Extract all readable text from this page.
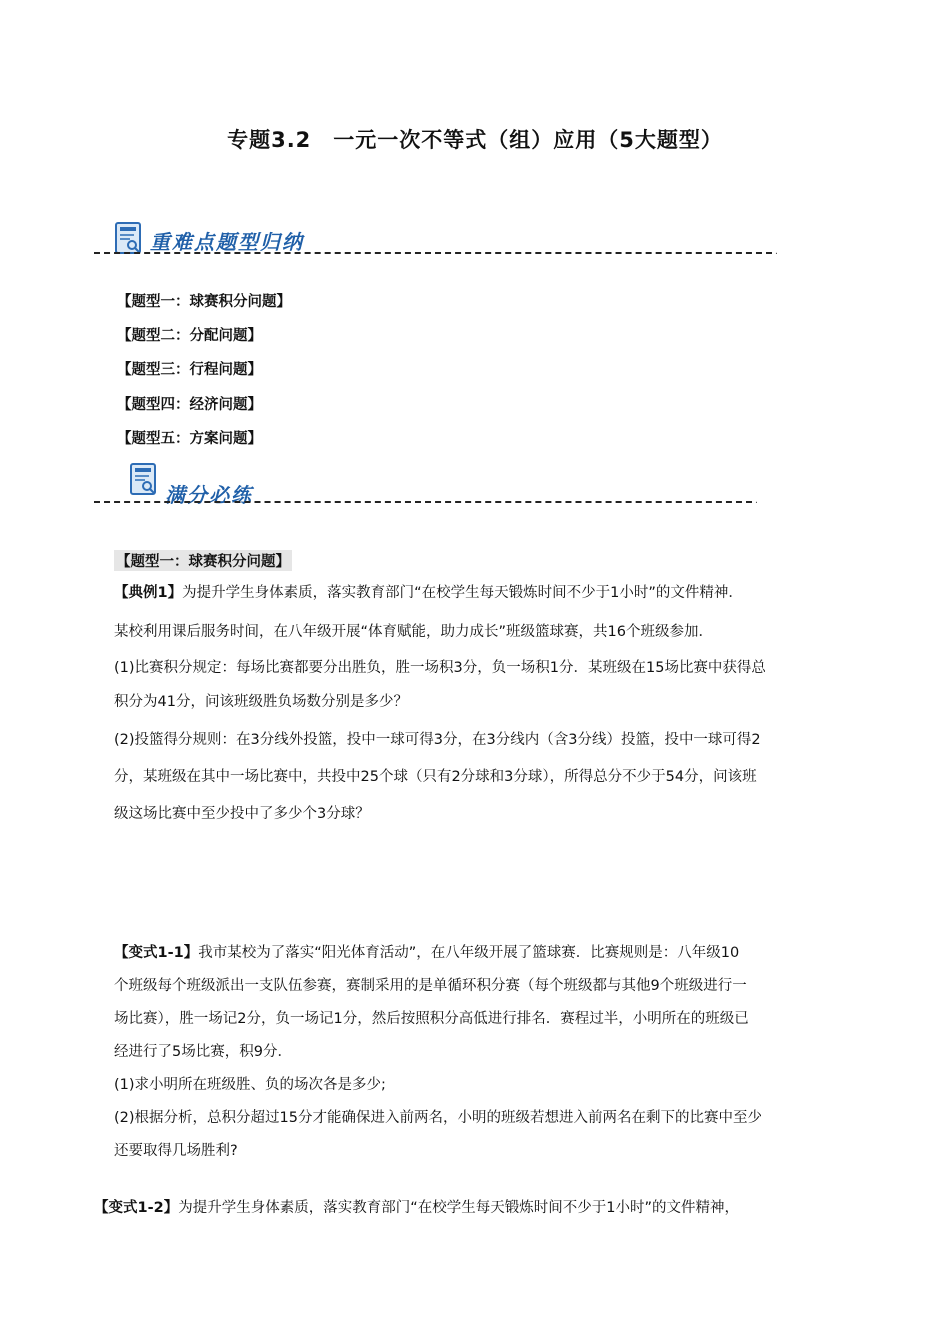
专题3.2　一元一次不等式（组）应用（5大题型）
重难点题型归纳	.
【题型一：球赛积分问题】
【题型二：分配问题】
【题型三：行程问题】
【题型四：经济问题】
【题型五：方案问题】
满分必练	.
【题型一：球赛积分问题】
【典例1】为提升学生身体素质，落实教育部门“在校学生每天锻炼时间不少于1小时”的文件精神．
某校利用课后服务时间，在八年级开展“体育赋能，助力成长”班级篮球赛，共16个班级参加．
(1)比赛积分规定：每场比赛都要分出胜负，胜一场积3分，负一场积1分．某班级在15场比赛中获得总
积分为41分，问该班级胜负场数分别是多少？
(2)投篮得分规则：在3分线外投篮，投中一球可得3分，在3分线内（含3分线）投篮，投中一球可得2
分，某班级在其中一场比赛中，共投中25个球（只有2分球和3分球），所得总分不少于54分，问该班
级这场比赛中至少投中了多少个3分球？
【变式1-1】我市某校为了落实“阳光体育活动”，在八年级开展了篮球赛．比赛规则是：八年级10
个班级每个班级派出一支队伍参赛，赛制采用的是单循环积分赛（每个班级都与其他9个班级进行一
场比赛），胜一场记2分，负一场记1分，然后按照积分高低进行排名．赛程过半，小明所在的班级已
经进行了5场比赛，积9分．
(1)求小明所在班级胜、负的场次各是多少;
(2)根据分析，总积分超过15分才能确保进入前两名，小明的班级若想进入前两名在剩下的比赛中至少
还要取得几场胜利?
【变式1-2】为提升学生身体素质，落实教育部门“在校学生每天锻炼时间不少于1小时”的文件精神，
